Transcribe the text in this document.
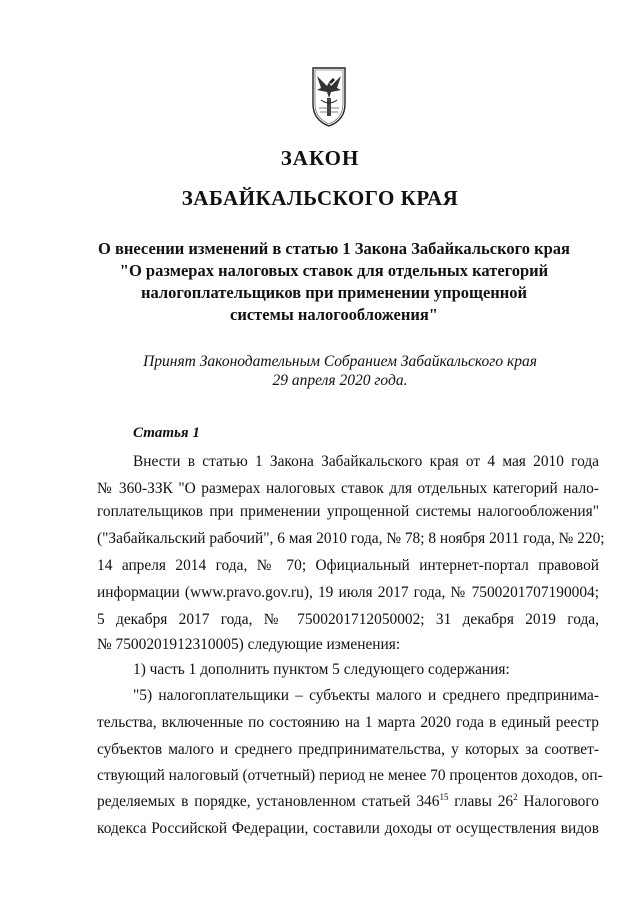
ЗАКОН
ЗАБАЙКАЛЬСКОГО КРАЯ
О внесении изменений в статью 1 Закона Забайкальского края
"О размерах налоговых ставок для отдельных категорий
налогоплательщиков при применении упрощенной
системы налогообложения"
Принят Законодательным Собранием Забайкальского края
29 апреля 2020 года.
Статья 1
Внести в статью 1 Закона Забайкальского края от 4 мая 2010 года
№ 360-ЗЗК "О размерах налоговых ставок для отдельных категорий нало-
гоплательщиков при применении упрощенной системы налогообложения"
("Забайкальский рабочий", 6 мая 2010 года, № 78; 8 ноября 2011 года, № 220;
14 апреля 2014 года, № 70; Официальный интернет-портал правовой
информации (www.pravo.gov.ru), 19 июля 2017 года, № 7500201707190004;
5 декабря 2017 года, № 7500201712050002; 31 декабря 2019 года,
№ 7500201912310005) следующие изменения:
1) часть 1 дополнить пунктом 5 следующего содержания:
"5) налогоплательщики – субъекты малого и среднего предпринима-
тельства, включенные по состоянию на 1 марта 2020 года в единый реестр
субъектов малого и среднего предпринимательства, у которых за соответ-
ствующий налоговый (отчетный) период не менее 70 процентов доходов, оп-
ределяемых в порядке, установленном статьей $346^{15}$ главы $26^2$ Налогового
кодекса Российской Федерации, составили доходы от осуществления видов
